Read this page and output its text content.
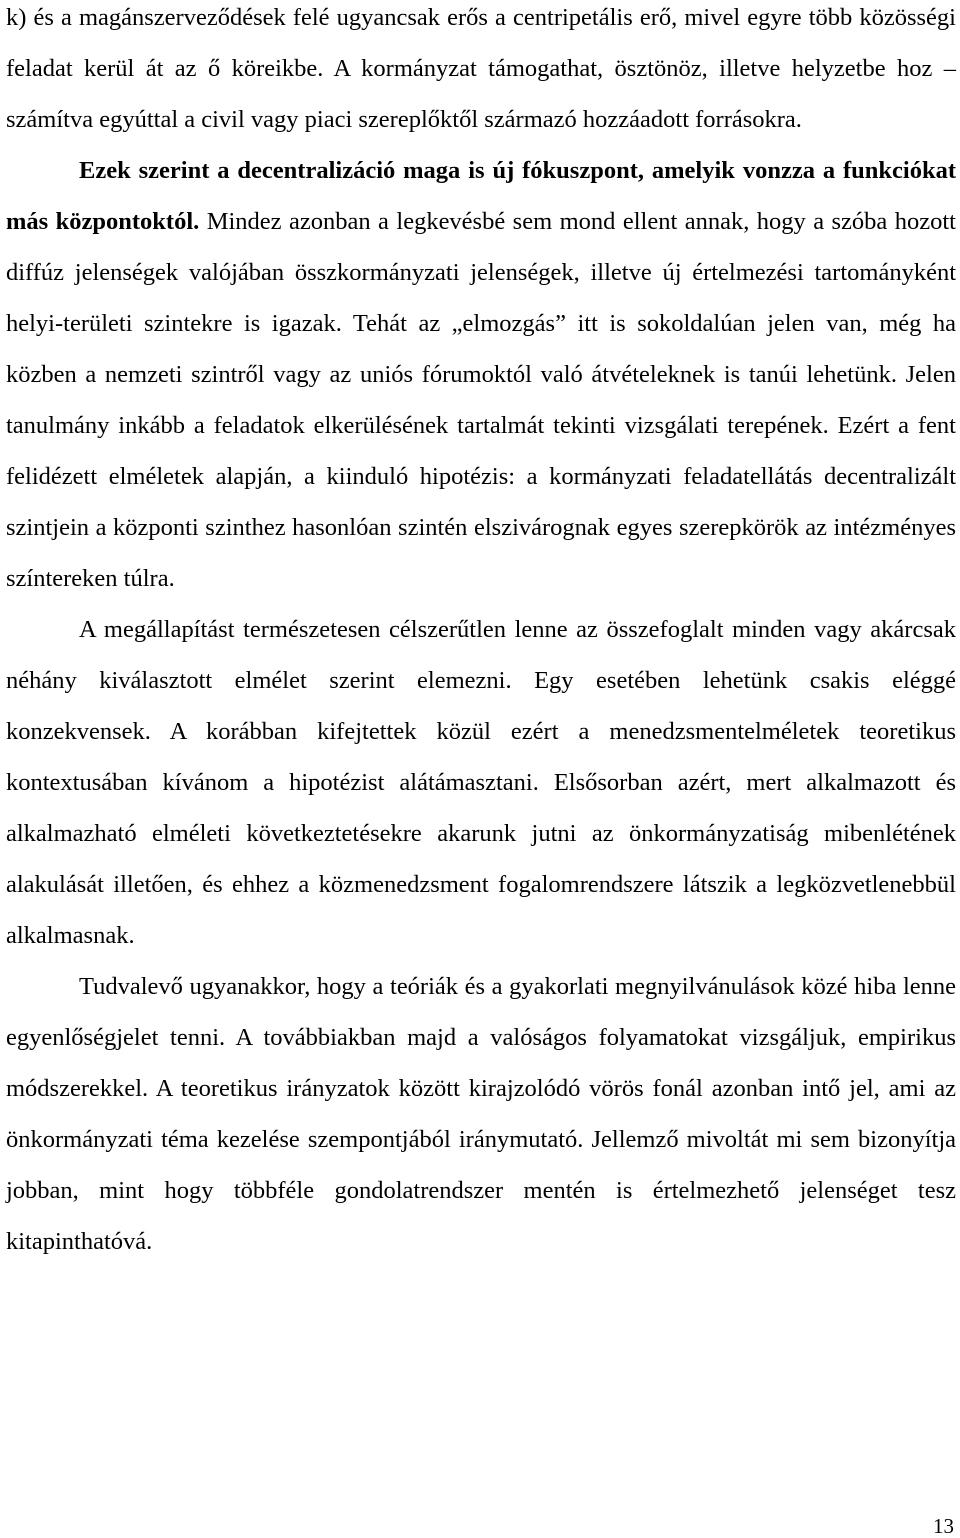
k) és a magánszerveződések felé ugyancsak erős a centripetális erő, mivel egyre több közösségi feladat kerül át az ő köreikbe. A kormányzat támogathat, ösztönöz, illetve helyzetbe hoz – számítva egyúttal a civil vagy piaci szereplőktől származó hozzáadott forrásokra.

Ezek szerint a decentralizáció maga is új fókuszpont, amelyik vonzza a funkciókat más központoktól. Mindez azonban a legkevésbé sem mond ellent annak, hogy a szóba hozott diffúz jelenségek valójában összkormányzati jelenségek, illetve új értelmezési tartományként helyi-területi szintekre is igazak. Tehát az „elmozgás” itt is sokoldalúan jelen van, még ha közben a nemzeti szintről vagy az uniós fórumoktól való átvételeknek is tanúi lehetünk. Jelen tanulmány inkább a feladatok elkerülésének tartalmát tekinti vizsgálati terepének. Ezért a fent felidézett elméletek alapján, a kiinduló hipotézis: a kormányzati feladatellátás decentralizált szintjein a központi szinthez hasonlóan szintén elszivárognak egyes szerepkörök az intézményes színtereken túlra.

A megállapítást természetesen célszerűtlen lenne az összefoglalt minden vagy akárcsak néhány kiválasztott elmélet szerint elemezni. Egy esetében lehetünk csakis eléggé konzekvensek. A korábban kifejtettek közül ezért a menedzsmentelméletek teoretikus kontextusában kívánom a hipotézist alátámasztani. Elsősorban azért, mert alkalmazott és alkalmazható elméleti következtetésekre akarunk jutni az önkormányzatiság mibenlétének alakulását illetően, és ehhez a közmenedzsment fogalomrendszere látszik a legközvetlenebbül alkalmasnak.

Tudvalevő ugyanakkor, hogy a teóriák és a gyakorlati megnyilvánulások közé hiba lenne egyenlőségjelet tenni. A továbbiakban majd a valóságos folyamatokat vizsgáljuk, empirikus módszerekkel. A teoretikus irányzatok között kirajzolódó vörös fonál azonban intő jel, ami az önkormányzati téma kezelése szempontjából iránymutató. Jellemző mivoltát mi sem bizonyítja jobban, mint hogy többféle gondolatrendszer mentén is értelmezhető jelenséget tesz kitapinthatóvá.

13
